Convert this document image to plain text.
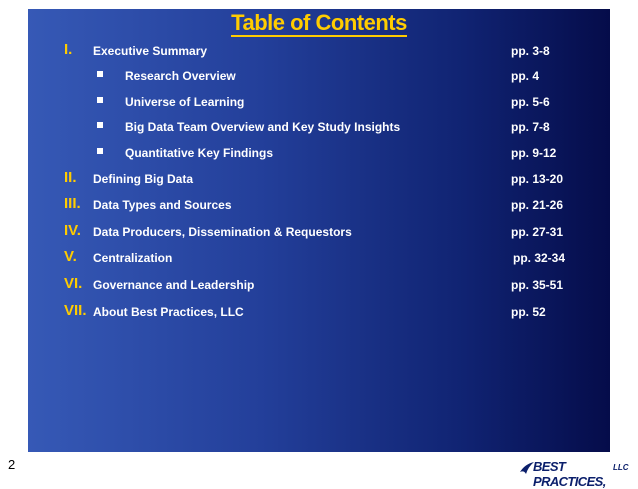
Table of Contents
I. Executive Summary	pp. 3-8
Research Overview	pp. 4
Universe of Learning	pp. 5-6
Big Data Team Overview and Key Study Insights	pp. 7-8
Quantitative Key Findings	pp. 9-12
II. Defining Big Data	pp. 13-20
III. Data Types and Sources	pp. 21-26
IV. Data Producers, Dissemination & Requestors	pp. 27-31
V. Centralization	pp. 32-34
VI. Governance and Leadership	pp. 35-51
VII. About Best Practices, LLC	pp. 52
2	BEST PRACTICES,
LLC
